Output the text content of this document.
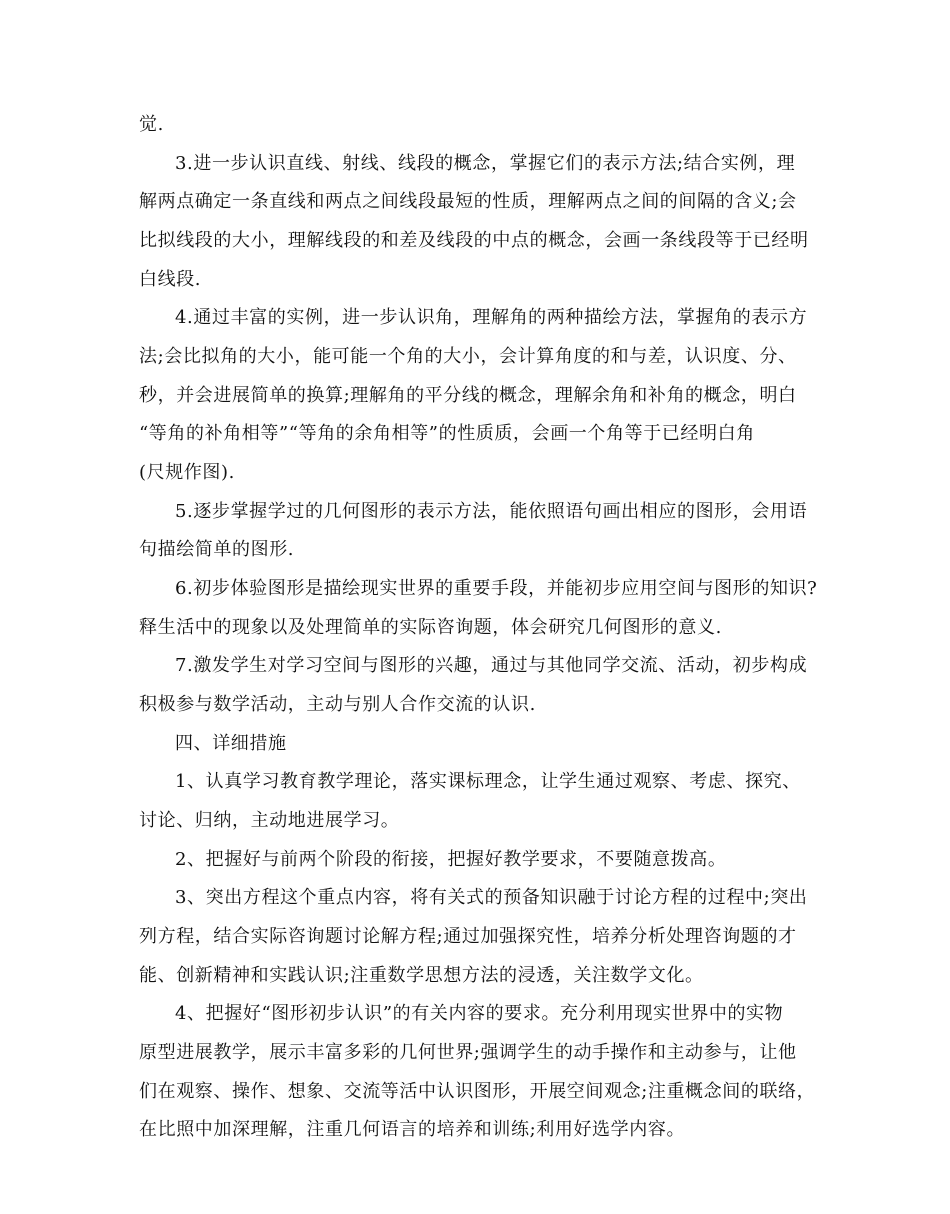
觉.

3.进一步认识直线、射线、线段的概念，掌握它们的表示方法;结合实例，理

解两点确定一条直线和两点之间线段最短的性质，理解两点之间的间隔的含义;会

比拟线段的大小，理解线段的和差及线段的中点的概念，会画一条线段等于已经明

白线段.

4.通过丰富的实例，进一步认识角，理解角的两种描绘方法，掌握角的表示方

法;会比拟角的大小，能可能一个角的大小，会计算角度的和与差，认识度、分、

秒，并会进展简单的换算;理解角的平分线的概念，理解余角和补角的概念，明白

“等角的补角相等”“等角的余角相等”的性质质，会画一个角等于已经明白角

(尺规作图).

5.逐步掌握学过的几何图形的表示方法，能依照语句画出相应的图形，会用语

句描绘简单的图形.

6.初步体验图形是描绘现实世界的重要手段，并能初步应用空间与图形的知识?

释生活中的现象以及处理简单的实际咨询题，体会研究几何图形的意义.

7.激发学生对学习空间与图形的兴趣，通过与其他同学交流、活动，初步构成

积极参与数学活动，主动与别人合作交流的认识.

四、详细措施

1、认真学习教育教学理论，落实课标理念，让学生通过观察、考虑、探究、

讨论、归纳，主动地进展学习。

2、把握好与前两个阶段的衔接，把握好教学要求，不要随意拨高。

3、突出方程这个重点内容，将有关式的预备知识融于讨论方程的过程中;突出

列方程，结合实际咨询题讨论解方程;通过加强探究性，培养分析处理咨询题的才

能、创新精神和实践认识;注重数学思想方法的浸透，关注数学文化。

4、把握好“图形初步认识”的有关内容的要求。充分利用现实世界中的实物

原型进展教学，展示丰富多彩的几何世界;强调学生的动手操作和主动参与，让他

们在观察、操作、想象、交流等活中认识图形，开展空间观念;注重概念间的联络，

在比照中加深理解，注重几何语言的培养和训练;利用好选学内容。
